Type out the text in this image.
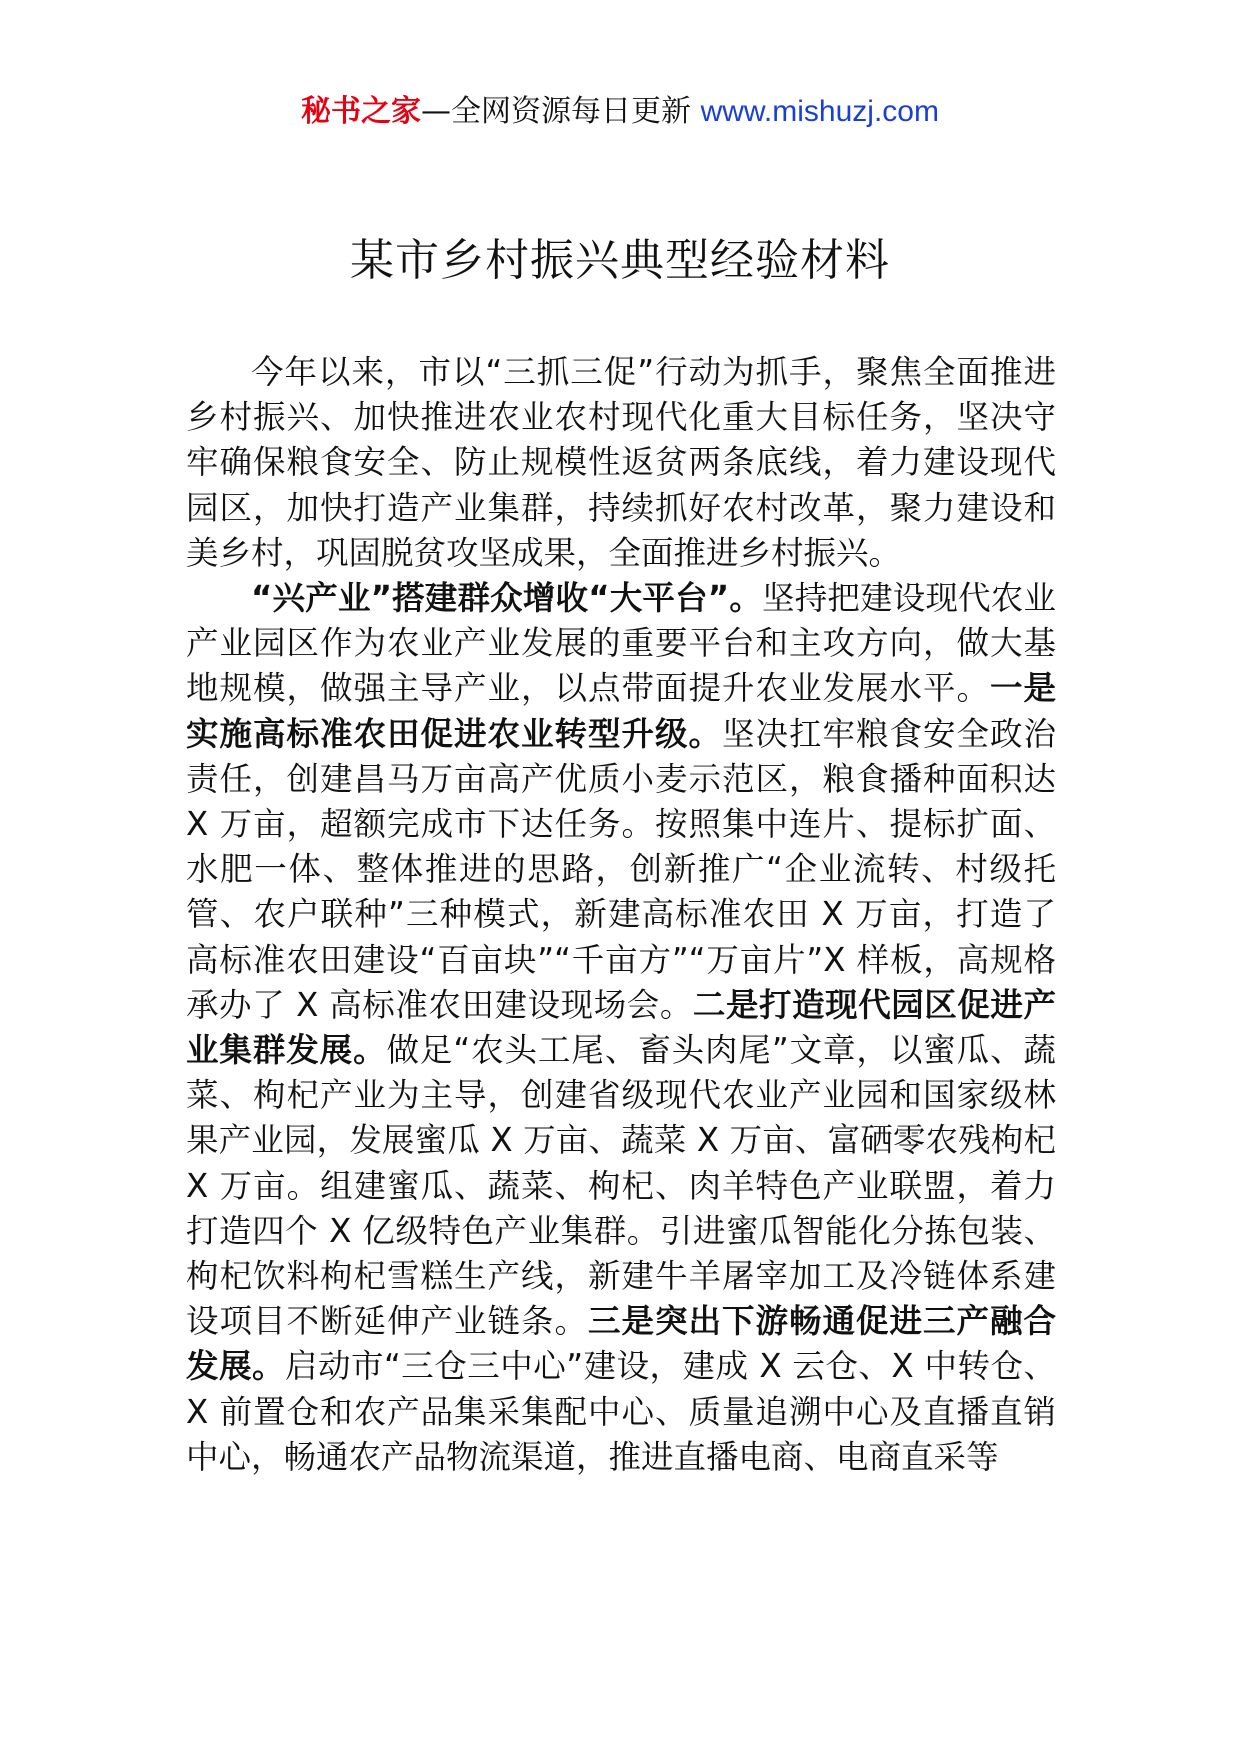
秘书之家—全网资源每日更新 www.mishuzj.com
某市乡村振兴典型经验材料

今年以来，市以“三抓三促”行动为抓手，聚焦全面推进乡村振兴、加快推进农业农村现代化重大目标任务，坚决守牢确保粮食安全、防止规模性返贫两条底线，着力建设现代园区，加快打造产业集群，持续抓好农村改革，聚力建设和美乡村，巩固脱贫攻坚成果，全面推进乡村振兴。

“兴产业”搭建群众增收“大平台”。坚持把建设现代农业产业园区作为农业产业发展的重要平台和主攻方向，做大基地规模，做强主导产业，以点带面提升农业发展水平。一是实施高标准农田促进农业转型升级。坚决扛牢粮食安全政治责任，创建昌马万亩高产优质小麦示范区，粮食播种面积达 X 万亩，超额完成市下达任务。按照集中连片、提标扩面、水肥一体、整体推进的思路，创新推广“企业流转、村级托管、农户联种”三种模式，新建高标准农田 X 万亩，打造了高标准农田建设“百亩块”“千亩方”“万亩片”X 样板，高规格承办了 X 高标准农田建设现场会。二是打造现代园区促进产业集群发展。做足“农头工尾、畜头肉尾”文章，以蜜瓜、蔬菜、枸杞产业为主导，创建省级现代农业产业园和国家级林果产业园，发展蜜瓜 X 万亩、蔬菜 X 万亩、富硒零农残枸杞 X 万亩。组建蜜瓜、蔬菜、枸杞、肉羊特色产业联盟，着力打造四个 X 亿级特色产业集群。引进蜜瓜智能化分拣包装、枸杞饮料枸杞雪糕生产线，新建牛羊屠宰加工及冷链体系建设项目不断延伸产业链条。三是突出下游畅通促进三产融合发展。启动市“三仓三中心”建设，建成 X 云仓、X 中转仓、X 前置仓和农产品集采集配中心、质量追溯中心及直播直销中心，畅通农产品物流渠道，推进直播电商、电商直采等
